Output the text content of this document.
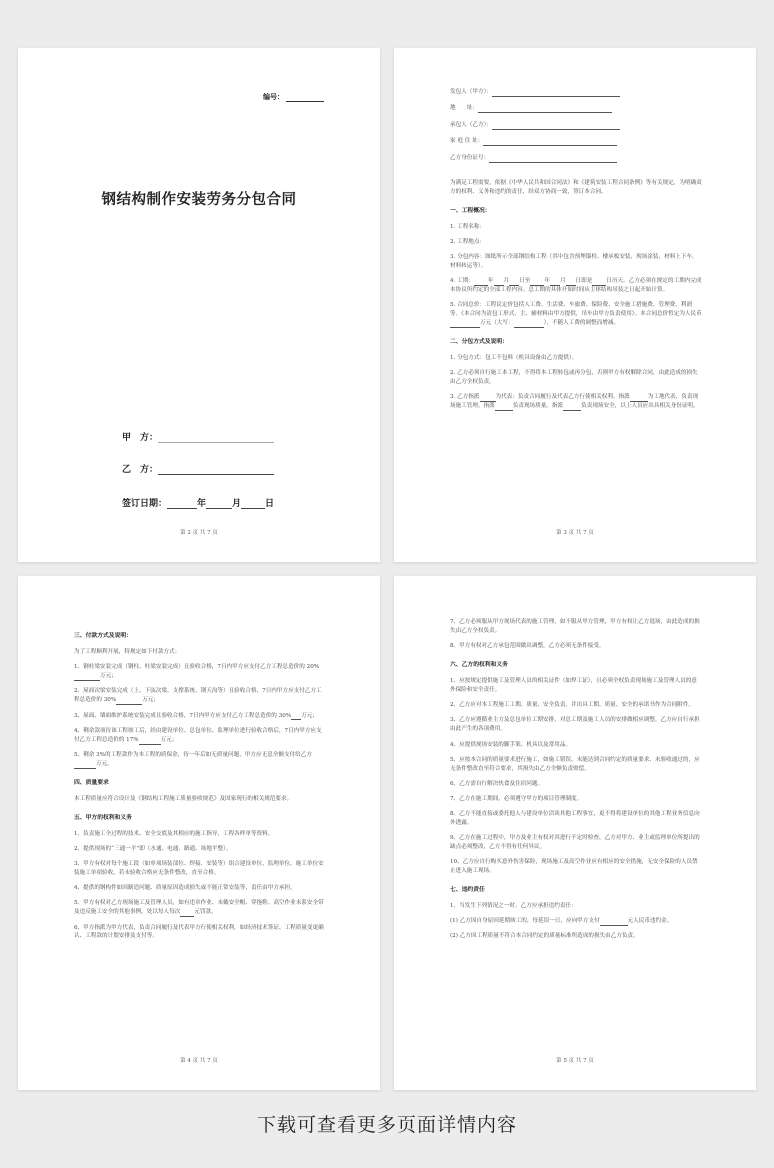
编号：
钢结构制作安装劳务分包合同
甲　方：
乙　方：
签订日期：	年	月	日
第 2 页 共 7 页
发包人（甲方）：
地　　址：
承包人（乙方）：
家 庭 住 址：
乙方身份证号：

为满足工程需要，依据《中华人民共和国合同法》和《建筑安装工程合同条例》等有关规定，为明确双方的权利、义务和违约的责任，经双方协商一致，签订本合同。

一、工程概况：

1. 工程名称：

2. 工程地点：

3. 分包内容：图纸所示全部钢结构工程（其中包含预埋锚栓、楼承板安装、现场涂装、材料上下车、材料转运等）。

4. 工期：	年 月 日至	年 月 日即是	日历天。乙方必须在规定的工期内完成本协议所约定的全部工程内容。总工期的具体开始时间从主体结构吊装之日起开始计算。

5. 合同总价：工程议定价包括人工费、生活费、车旅费、保险费、安全施工措施费、管理费、利润等。《本合同为清包工形式，主、辅材料由甲方提供，吊车由甲方负责使用》。本合同总价暂定为人民币万元（大写：	），不随人工费的调整而增减。

二、分包方式及说明：

1. 分包方式：包工不包料（机具设备由乙方提供）。

2. 乙方必须自行施工本工程，不得将本工程转包或再分包，否则甲方有权解除合同，由此造成的损失由乙方全权负责。

3. 乙方指派	为代表：负责合同履行及代表乙方行使相关权利。指派	为工地代表，负责现场施工管理。指派	负责现场质量。指派	负责现场安全，以上人员应出具相关身份证明。

第 3 页 共 7 页
三、付款方式及说明：

为了工程顺利开展，特规定如下付款方式：

1、钢柱梁安装完成（钢柱、柱梁安装完成）且验收合格，7日内甲方应支付乙方工程总造价的 20%万元；

2、屋面次梁安装完成（上、下弦次梁、支撑系统、钢天沟等）且验收合格，7日内甲方应支付乙方工程总造价的 30%	万元；

3、屋面、墙面维护系统安装完成且验收合格，7日内甲方应支付乙方工程总造价的 30% 万元；

4、剩余款项待该工程竣工后，经由建设单位、总包单位、监理单位进行验收合格后，7日内甲方应支付乙方工程总造价的 17%	万元；

5、剩余 3%的工程款作为本工程的质保金，待一年后如无质量问题，甲方应无息全额支付给乙方万元。

四、质量要求

本工程质量应符合设计及《钢结构工程施工质量验收规范》及国家现行的相关规范要求。

五、甲方的权利和义务

1、负责施工全过程的技术、安全交底及其相应的施工指导，工程各样单等资料。

2、提供现场的“三通一平”即（水通、电通、路通、场地平整）。

3、甲方有权对每个施工段（如单项场装部位、焊接、安装等）组合建设单位、监理单位、施工单位安装施工单项验收，若未验收合格应无条件整改，直至合格。

4、提供的钢构件如因制造问题、质量原因造成损失或不能正常安装等，责任由甲方承担。

5、甲方有权对乙方现场施工及管理人员，如有违章作业、未戴安全帽、穿拖鞋、高空作业未系安全带及违反施工安全的其他事例，处以每人每次	元罚款。

6、甲方指派为甲方代表，负责合同履行及代表甲方行使相关权利。如经济技术签证、工程质量变更确认、工程款的计划安排及支付等。

第 4 页 共 7 页

7、乙方必须服从甲方现场代表的施工管理，如不服从甲方管理，甲方有权让乙方退场，由此造成的损失由乙方全权负责。

8、甲方有权对乙方承包范围做出调整，乙方必须无条件接受。

六、乙方的权利和义务

1、应按规定提供施工及管理人员的相关证件（如焊工证），且必须全权负责现场施工及管理人员的意外保险和安全责任。

2、乙方应对本工程施工工期、质量、安全负责，并出具工期、质量、安全的承诺书作为合同附件。

3、乙方应遵循业主方及总包单位工期安排，对总工期及施工人员的安排做相应调整。乙方应自行承担由此产生的各项费用。

4、应提供现场安装的脚手架、机具以及常用品。

5、应按本合同的质量要求进行施工，如施工错误、未能达到合同约定的质量要求、未验收通过的，应无条件整改直至符合要求，其损失由乙方全额负责赔偿。

6、乙方需自行解决伙食及住宿问题。

7、乙方在施工期间，必须遵守甲方的项目管理制度。

8、乙方不能直接或委托他人与建设单位洽谈其他工程事宜，更不得将建设单位的其他工程业务信息向外透露。

9、乙方在施工过程中，甲方及业主有权对其进行不定时检查，乙方对甲方、业主或监理单位所提出的缺点必须整改，乙方不得有任何异议。

10、乙方应自行购买意外伤害保险，现场施工及高空作业应有相应的安全措施，无安全保险的人员禁止进入施工现场。

七、违约责任

1、当发生下列情况之一时，乙方应承担违约责任：

(1) 乙方因自身原因延期竣工的，每延误一日，应向甲方支付	元人民币违约金。

(2) 乙方因工程质量不符合本合同约定的质量标准所造成的损失由乙方负责。

第 5 页 共 7 页
下载可查看更多页面详情内容
